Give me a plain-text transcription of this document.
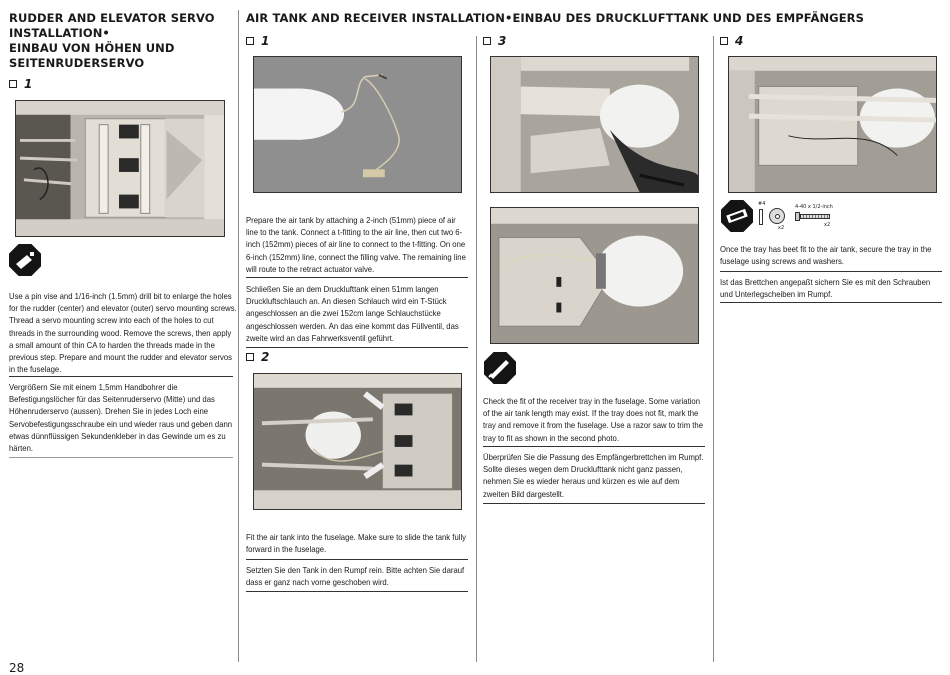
RUDDER AND ELEVATOR SERVO

INSTALLATION•

EINBAU VON HÖHEN UND

SEITENRUDERSERVO

1

Use a pin vise and 1/16-inch (1.5mm) drill bit to enlarge the holes for the rudder (center) and elevator (outer) servo mounting screws. Thread a servo mounting screw into each of the holes to cut threads in the surrounding wood. Remove the screws, then apply a small amount of thin CA to harden the threads made in the previous step. Prepare and mount the rudder and elevator servos in the fuselage.

Vergrößern Sie mit einem 1,5mm Handbohrer die Befestigungslöcher für das Seitenruderservo (Mitte) und das Höhenruderservo (aussen). Drehen Sie in jedes Loch eine Servobefestigungsschraube ein und wieder raus und geben dann etwas dünnflüssigen Sekundenkleber in das Gewinde um es zu härten.

28

AIR TANK AND RECEIVER INSTALLATION•EINBAU DES DRUCKLUFTTANK UND DES EMPFÄNGERS

1

Prepare the air tank by attaching a 2-inch (51mm) piece of air line to the tank. Connect a t-fitting to the air line, then cut two 6-inch (152mm) pieces of air line to connect to the t-fitting. On one 6-inch (152mm) line, connect the filling valve. The remaining line will route to the retract actuator valve.

Schließen Sie an dem Drucklufttank einen 51mm langen Druckluftschlauch an. An diesen Schlauch wird ein T-Stück angeschlossen an die zwei 152cm lange Schlauchstücke angeschlossen werden. An das eine kommt das Füllventil, das zweite wird an das Fahrwerksventil geführt.

2

Fit the air tank into the fuselage. Make sure to slide the tank fully forward in the fuselage.

Setzten Sie den Tank in den Rumpf rein. Bitte achten Sie darauf dass er ganz nach vorne geschoben wird.

3

Check the fit of the receiver tray in the fuselage. Some variation of the air tank length may exist. If the tray does not fit, mark the tray and remove it from the fuselage. Use a razor saw to trim the tray to fit as shown in the second photo.

Überprüfen Sie die Passung des Empfängerbrettchen im Rumpf. Sollte dieses wegen dem Drucklufttank nicht ganz passen, nehmen Sie es wieder heraus und kürzen es wie auf dem zweiten Bild dargestellt.

4
#4
x2
4-40 x 1/2-inch
x2

Once the tray has beet fit to the air tank, secure the tray in the fuselage using screws and washers.

Ist das Brettchen angepaßt sichern Sie es mit den Schrauben und Unterlegscheiben im Rumpf.
